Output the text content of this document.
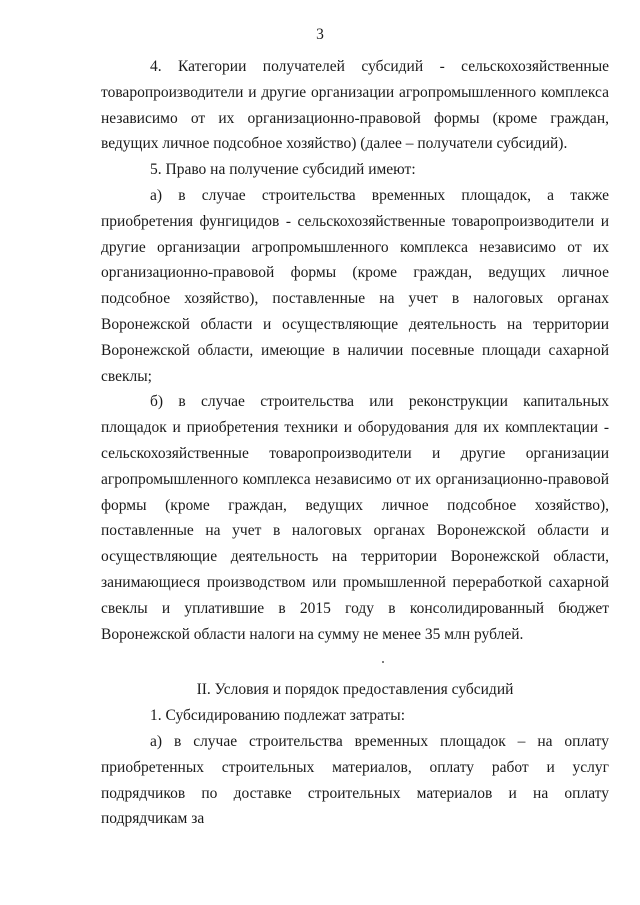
3

4. Категории получателей субсидий - сельскохозяйственные товаропроизводители и другие организации агропромышленного комплекса независимо от их организационно-правовой формы (кроме граждан, ведущих личное подсобное хозяйство) (далее – получатели субсидий).

5. Право на получение субсидий имеют:

а) в случае строительства временных площадок, а также приобретения фунгицидов - сельскохозяйственные товаропроизводители и другие организации агропромышленного комплекса независимо от их организационно-правовой формы (кроме граждан, ведущих личное подсобное хозяйство), поставленные на учет в налоговых органах Воронежской области и осуществляющие деятельность на территории Воронежской области, имеющие в наличии посевные площади сахарной свеклы;

б) в случае строительства или реконструкции капитальных площадок и приобретения техники и оборудования для их комплектации - сельскохозяйственные товаропроизводители и другие организации агропромышленного комплекса независимо от их организационно-правовой формы (кроме граждан, ведущих личное подсобное хозяйство), поставленные на учет в налоговых органах Воронежской области и осуществляющие деятельность на территории Воронежской области, занимающиеся производством или промышленной переработкой сахарной свеклы и уплатившие в 2015 году в консолидированный бюджет Воронежской области налоги на сумму не менее 35 млн рублей.

II. Условия и порядок предоставления субсидий

1. Субсидированию подлежат затраты:

а) в случае строительства временных площадок – на оплату приобретенных строительных материалов, оплату работ и услуг подрядчиков по доставке строительных материалов и на оплату подрядчикам за
